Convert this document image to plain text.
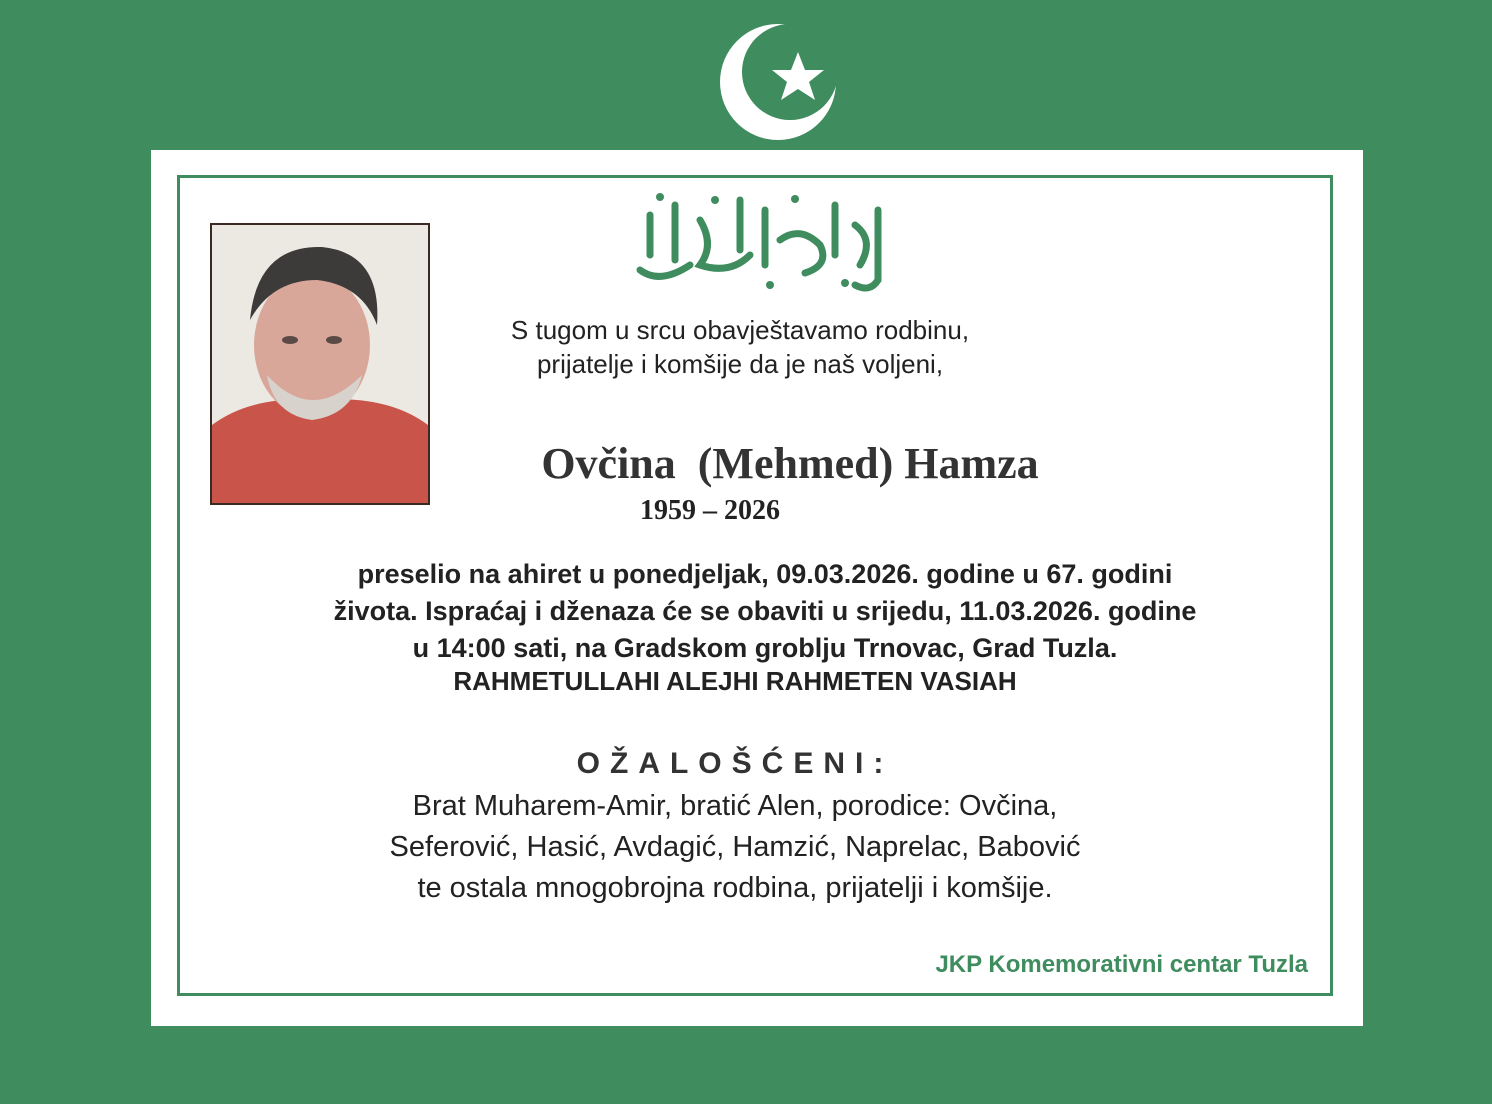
S tugom u srcu obavještavamo rodbinu,
prijatelje i komšije da je naš voljeni,
Ovčina  (Mehmed) Hamza
1959 – 2026
preselio na ahiret u ponedjeljak, 09.03.2026. godine u 67. godini
života. Ispraćaj i dženaza će se obaviti u srijedu, 11.03.2026. godine
u 14:00 sati, na Gradskom groblju Trnovac, Grad Tuzla.
RAHMETULLAHI ALEJHI RAHMETEN VASIAH
OŽALOŠĆENI:
Brat Muharem-Amir, bratić Alen, porodice: Ovčina,
Seferović, Hasić, Avdagić, Hamzić, Naprelac, Babović
te ostala mnogobrojna rodbina, prijatelji i komšije.
JKP Komemorativni centar Tuzla
